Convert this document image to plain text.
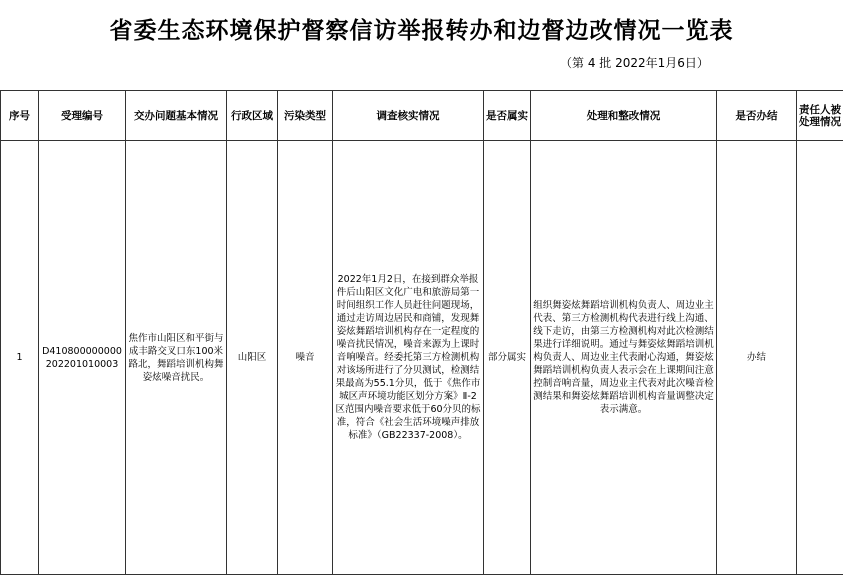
省委生态环境保护督察信访举报转办和边督边改情况一览表
（第 4 批 2022年1月6日）
序号	受理编号	交办问题基本情况	行政区域	污染类型	调查核实情况	是否属实	处理和整改情况	是否办结	责任人被处理情况
1	D410800000000202201010003	焦作市山阳区和平街与成丰路交叉口东100米路北，舞蹈培训机构舞姿炫噪音扰民。	山阳区	噪音	2022年1月2日，在接到群众举报件后山阳区文化广电和旅游局第一时间组织工作人员赶往问题现场，通过走访周边居民和商铺，发现舞姿炫舞蹈培训机构存在一定程度的噪音扰民情况，噪音来源为上课时音响噪音。经委托第三方检测机构对该场所进行了分贝测试，检测结果最高为55.1分贝，低于《焦作市城区声环境功能区划分方案》Ⅱ-2区范围内噪音要求低于60分贝的标准，符合《社会生活环境噪声排放标准》（GB22337-2008）。	部分属实	组织舞姿炫舞蹈培训机构负责人、周边业主代表、第三方检测机构代表进行线上沟通、线下走访，由第三方检测机构对此次检测结果进行详细说明。通过与舞姿炫舞蹈培训机构负责人、周边业主代表耐心沟通，舞姿炫舞蹈培训机构负责人表示会在上课期间注意控制音响音量，周边业主代表对此次噪音检测结果和舞姿炫舞蹈培训机构音量调整决定表示满意。	办结	
